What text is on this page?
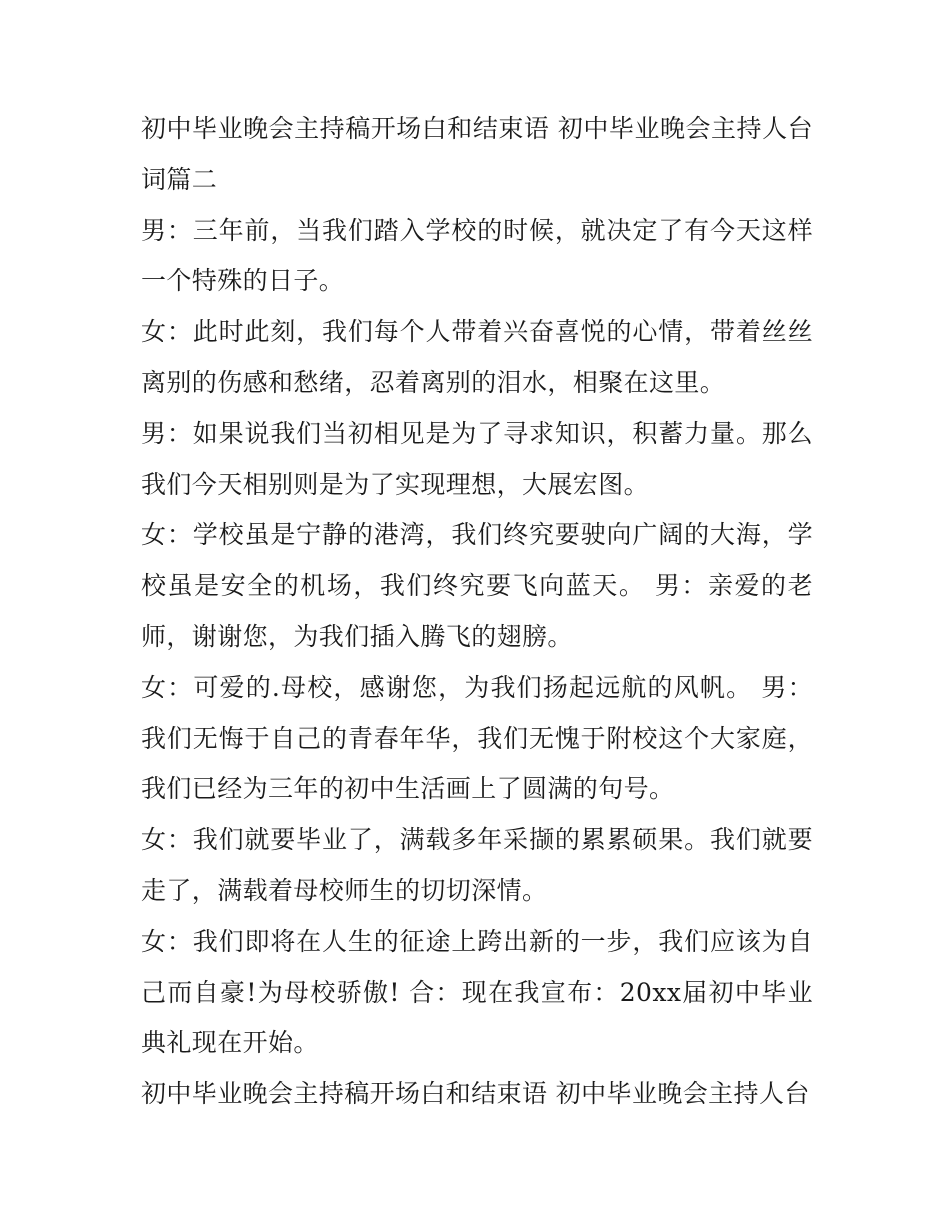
初中毕业晚会主持稿开场白和结束语 初中毕业晚会主持人台词篇二

男：三年前，当我们踏入学校的时候，就决定了有今天这样一个特殊的日子。

女：此时此刻，我们每个人带着兴奋喜悦的心情，带着丝丝离别的伤感和愁绪，忍着离别的泪水，相聚在这里。

男：如果说我们当初相见是为了寻求知识，积蓄力量。那么我们今天相别则是为了实现理想，大展宏图。

女：学校虽是宁静的港湾，我们终究要驶向广阔的大海，学校虽是安全的机场，我们终究要飞向蓝天。 男：亲爱的老师，谢谢您，为我们插入腾飞的翅膀。

女：可爱的.母校，感谢您，为我们扬起远航的风帆。 男：我们无悔于自己的青春年华，我们无愧于附校这个大家庭，我们已经为三年的初中生活画上了圆满的句号。

女：我们就要毕业了，满载多年采撷的累累硕果。我们就要走了，满载着母校师生的切切深情。

女：我们即将在人生的征途上跨出新的一步，我们应该为自己而自豪!为母校骄傲! 合：现在我宣布：20xx届初中毕业典礼现在开始。

初中毕业晚会主持稿开场白和结束语 初中毕业晚会主持人台
